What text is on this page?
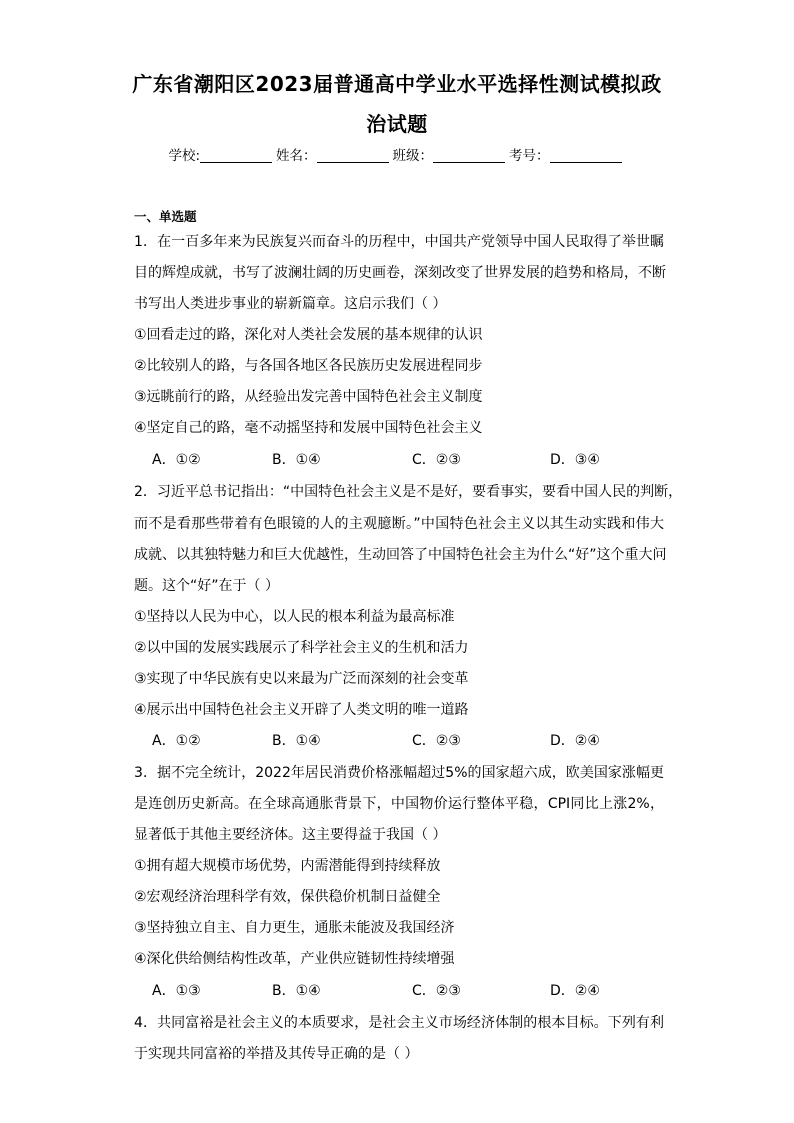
广东省潮阳区2023届普通高中学业水平选择性测试模拟政
治试题
学校:	姓名：	班级：	考号：
一、单选题
1．在一百多年来为民族复兴而奋斗的历程中，中国共产党领导中国人民取得了举世瞩
目的辉煌成就，书写了波澜壮阔的历史画卷，深刻改变了世界发展的趋势和格局，不断
书写出人类进步事业的崭新篇章。这启示我们（ ）
①回看走过的路，深化对人类社会发展的基本规律的认识
②比较别人的路，与各国各地区各民族历史发展进程同步
③远眺前行的路，从经验出发完善中国特色社会主义制度
④坚定自己的路，毫不动摇坚持和发展中国特色社会主义
A．①②	B．①④	C．②③	D．③④
2．习近平总书记指出：“中国特色社会主义是不是好，要看事实，要看中国人民的判断，
而不是看那些带着有色眼镜的人的主观臆断。”中国特色社会主义以其生动实践和伟大
成就、以其独特魅力和巨大优越性，生动回答了中国特色社会主为什么“好”这个重大问
题。这个“好”在于（ ）
①坚持以人民为中心，以人民的根本利益为最高标准
②以中国的发展实践展示了科学社会主义的生机和活力
③实现了中华民族有史以来最为广泛而深刻的社会变革
④展示出中国特色社会主义开辟了人类文明的唯一道路
A．①②	B．①④	C．②③	D．②④
3．据不完全统计，2022年居民消费价格涨幅超过5%的国家超六成，欧美国家涨幅更
是连创历史新高。在全球高通胀背景下，中国物价运行整体平稳，CPI同比上涨2%，
显著低于其他主要经济体。这主要得益于我国（ ）
①拥有超大规模市场优势，内需潜能得到持续释放
②宏观经济治理科学有效，保供稳价机制日益健全
③坚持独立自主、自力更生，通胀未能波及我国经济
④深化供给侧结构性改革，产业供应链韧性持续增强
A．①③	B．①④	C．②③	D．②④
4．共同富裕是社会主义的本质要求，是社会主义市场经济体制的根本目标。下列有利
于实现共同富裕的举措及其传导正确的是（ ）
